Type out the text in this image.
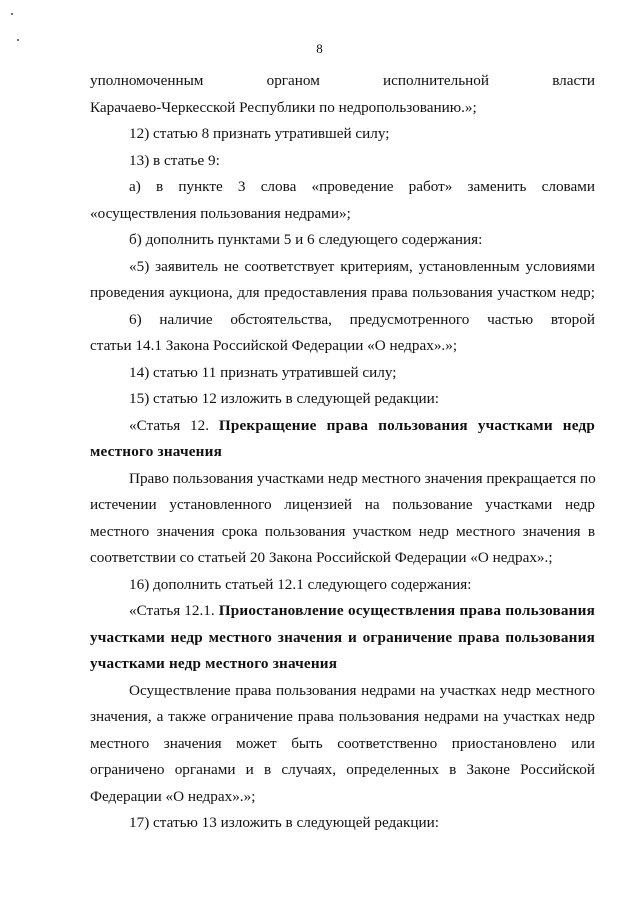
8

уполномоченным органом исполнительной власти

Карачаево-Черкесской Республики по недропользованию.»;

12) статью 8 признать утратившей силу;

13) в статье 9:

а) в пункте 3 слова «проведение работ» заменить словами

«осуществления пользования недрами»;

б) дополнить пунктами 5 и 6 следующего содержания:

«5) заявитель не соответствует критериям, установленным условиями

проведения аукциона, для предоставления права пользования участком недр;

6) наличие обстоятельства, предусмотренного частью второй

статьи 14.1 Закона Российской Федерации «О недрах».»;

14) статью 11 признать утратившей силу;

15) статью 12 изложить в следующей редакции:

«Статья 12. Прекращение права пользования участками недр

местного значения

Право пользования участками недр местного значения прекращается по

истечении установленного лицензией на пользование участками недр

местного значения срока пользования участком недр местного значения в

соответствии со статьей 20 Закона Российской Федерации «О недрах».;

16) дополнить статьей 12.1 следующего содержания:

«Статья 12.1. Приостановление осуществления права пользования

участками недр местного значения и ограничение права пользования

участками недр местного значения

Осуществление права пользования недрами на участках недр местного

значения, а также ограничение права пользования недрами на участках недр

местного значения может быть соответственно приостановлено или

ограничено органами и в случаях, определенных в Законе Российской

Федерации «О недрах».»;

17) статью 13 изложить в следующей редакции:
